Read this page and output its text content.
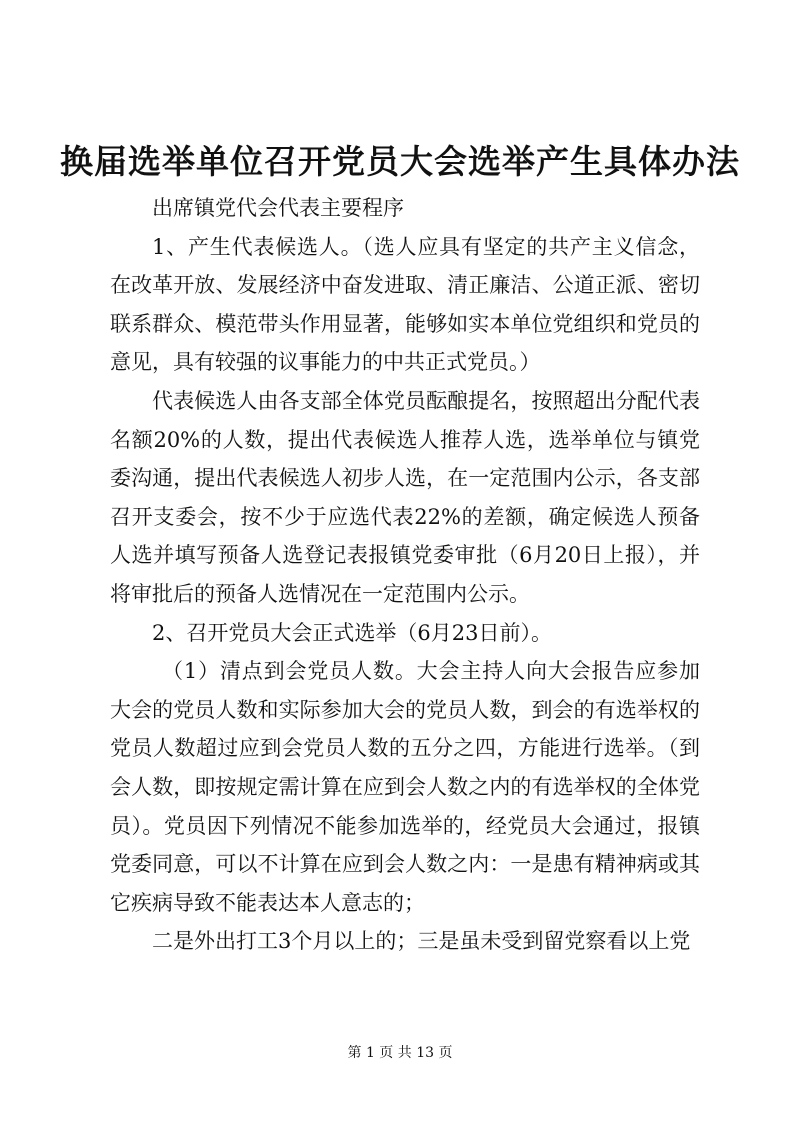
换届选举单位召开党员大会选举产生具体办法

出席镇党代会代表主要程序

1、产生代表候选人。（选人应具有坚定的共产主义信念，在改革开放、发展经济中奋发进取、清正廉洁、公道正派、密切联系群众、模范带头作用显著，能够如实本单位党组织和党员的意见，具有较强的议事能力的中共正式党员。）

代表候选人由各支部全体党员酝酿提名，按照超出分配代表名额20%的人数，提出代表候选人推荐人选，选举单位与镇党委沟通，提出代表候选人初步人选，在一定范围内公示，各支部召开支委会，按不少于应选代表22%的差额，确定候选人预备人选并填写预备人选登记表报镇党委审批（6月20日上报），并将审批后的预备人选情况在一定范围内公示。

2、召开党员大会正式选举（6月23日前）。

（1）清点到会党员人数。大会主持人向大会报告应参加大会的党员人数和实际参加大会的党员人数，到会的有选举权的党员人数超过应到会党员人数的五分之四，方能进行选举。（到会人数，即按规定需计算在应到会人数之内的有选举权的全体党员）。党员因下列情况不能参加选举的，经党员大会通过，报镇党委同意，可以不计算在应到会人数之内：一是患有精神病或其它疾病导致不能表达本人意志的；

二是外出打工3个月以上的；三是虽未受到留党察看以上党

第 1 页 共 13 页
